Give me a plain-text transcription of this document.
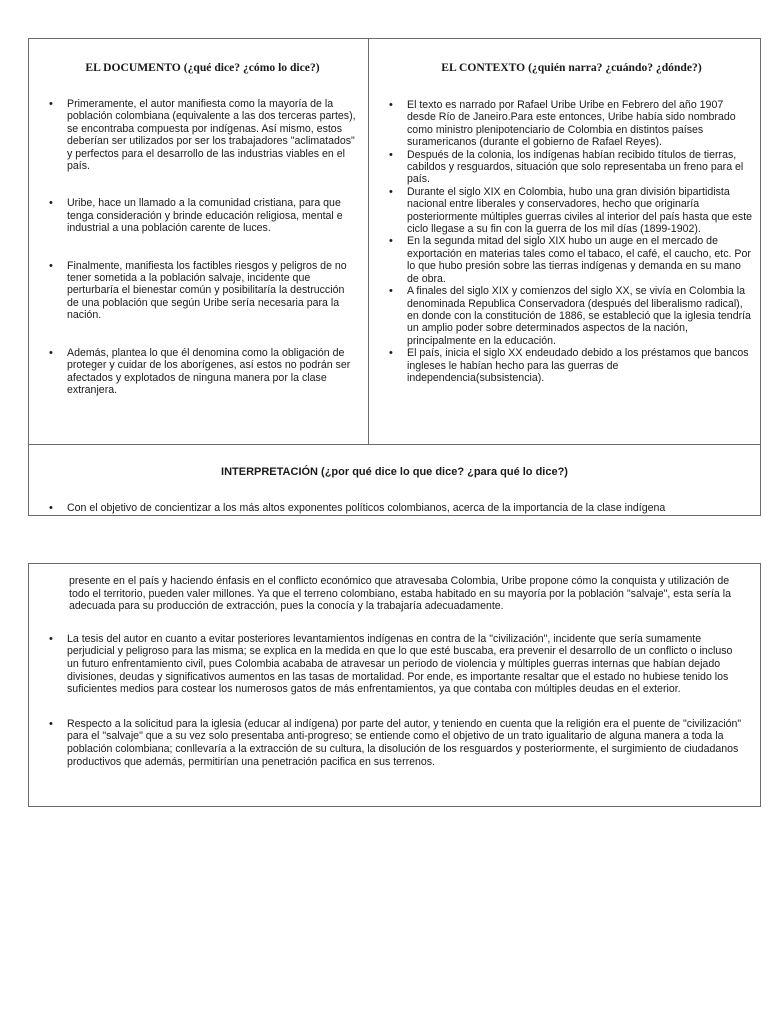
EL DOCUMENTO (¿qué dice? ¿cómo lo dice?)
• Primeramente, el autor manifiesta como la mayoría de la población colombiana (equivalente a las dos terceras partes), se encontraba compuesta por indígenas. Así mismo, estos deberían ser utilizados por ser los trabajadores "aclimatados" y perfectos para el desarrollo de las industrias viables en el país.
• Uribe, hace un llamado a la comunidad cristiana, para que tenga consideración y brinde educación religiosa, mental e industrial a una población carente de luces.
• Finalmente, manifiesta los factibles riesgos y peligros de no tener sometida a la población salvaje, incidente que perturbaría el bienestar común y posibilitaría la destrucción de una población que según Uribe sería necesaria para la nación.
• Además, plantea lo que él denomina como la obligación de proteger y cuidar de los aborígenes, así estos no podrán ser afectados y explotados de ninguna manera por la clase extranjera.
EL CONTEXTO (¿quién narra? ¿cuándo? ¿dónde?)
• El texto es narrado por Rafael Uribe Uribe en Febrero del año 1907 desde Río de Janeiro.Para este entonces, Uribe había sido nombrado como ministro plenipotenciario de Colombia en distintos países suramericanos (durante el gobierno de Rafael Reyes).
• Después de la colonia, los indígenas habían recibido títulos de tierras, cabildos y resguardos, situación que solo representaba un freno para el país.
• Durante el siglo XIX en Colombia, hubo una gran división bipartidista nacional entre liberales y conservadores, hecho que originaría posteriormente múltiples guerras civiles al interior del país hasta que este ciclo llegase a su fin con la guerra de los mil días (1899-1902).
• En la segunda mitad del siglo XIX hubo un auge en el mercado de exportación en materias tales como el tabaco, el café, el caucho, etc. Por lo que hubo presión sobre las tierras indígenas y demanda en su mano de obra.
• A finales del siglo XIX y comienzos del siglo XX, se vivía en Colombia la denominada Republica Conservadora (después del liberalismo radical), en donde con la constitución de 1886, se estableció que la iglesia tendría un amplio poder sobre determinados aspectos de la nación, principalmente en la educación.
• El país, inicia el siglo XX endeudado debido a los préstamos que bancos ingleses le habían hecho para las guerras de independencia(subsistencia).
INTERPRETACIÓN (¿por qué dice lo que dice? ¿para qué lo dice?)
• Con el objetivo de concientizar a los más altos exponentes políticos colombianos, acerca de la importancia de la clase indígena
presente en el país y haciendo énfasis en el conflicto económico que atravesaba Colombia, Uribe propone cómo la conquista y utilización de todo el territorio, pueden valer millones. Ya que el terreno colombiano, estaba habitado en su mayoría por la población "salvaje", esta sería la adecuada para su producción de extracción, pues la conocía y la trabajaría adecuadamente.
• La tesis del autor en cuanto a evitar posteriores levantamientos indígenas en contra de la "civilización", incidente que sería sumamente perjudicial y peligroso para las misma; se explica en la medida en que lo que esté buscaba, era prevenir el desarrollo de un conflicto o incluso un futuro enfrentamiento civil, pues Colombia acababa de atravesar un periodo de violencia y múltiples guerras internas que habían dejado divisiones, deudas y significativos aumentos en las tasas de mortalidad. Por ende, es importante resaltar que el estado no hubiese tenido los suficientes medios para costear los numerosos gatos de más enfrentamientos, ya que contaba con múltiples deudas en el exterior.
• Respecto a la solicitud para la iglesia (educar al indígena) por parte del autor, y teniendo en cuenta que la religión era el puente de "civilización" para el "salvaje" que a su vez solo presentaba anti-progreso; se entiende como el objetivo de un trato igualitario de alguna manera a toda la población colombiana; conllevaría a la extracción de su cultura, la disolución de los resguardos y posteriormente, el surgimiento de ciudadanos productivos que además, permitirían una penetración pacifica en sus terrenos.
